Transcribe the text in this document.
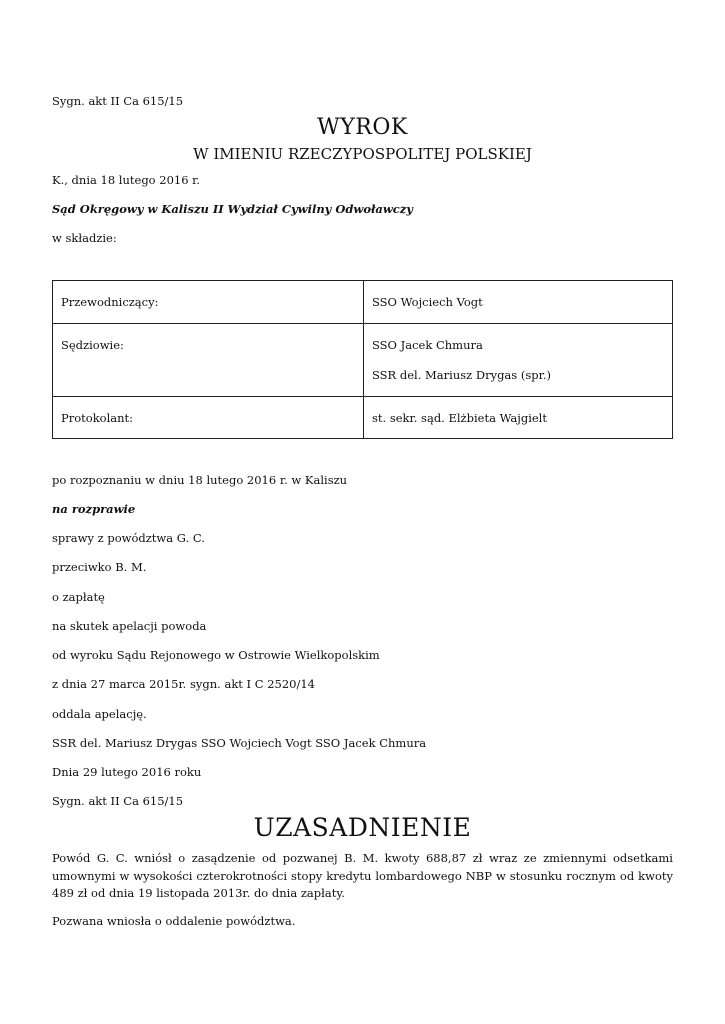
Sygn. akt II Ca 615/15
WYROK
W IMIENIU RZECZYPOSPOLITEJ POLSKIEJ
K., dnia 18 lutego 2016 r.
Sąd Okręgowy w Kaliszu II Wydział Cywilny Odwoławczy
w składzie:
Przewodniczący:	SSO Wojciech Vogt

Sędziowie:	SSO Jacek Chmura
SSR del. Mariusz Drygas (spr.)

Protokolant:	st. sekr. sąd. Elżbieta Wajgielt
po rozpoznaniu w dniu 18 lutego 2016 r. w Kaliszu
na rozprawie
sprawy z powództwa G. C.
przeciwko B. M.
o zapłatę
na skutek apelacji powoda
od wyroku Sądu Rejonowego w Ostrowie Wielkopolskim
z dnia 27 marca 2015r. sygn. akt I C 2520/14
oddala apelację.
SSR del. Mariusz Drygas SSO Wojciech Vogt SSO Jacek Chmura
Dnia 29 lutego 2016 roku
Sygn. akt II Ca 615/15
UZASADNIENIE
Powód G. C. wniósł o zasądzenie od pozwanej B. M. kwoty 688,87 zł wraz ze zmiennymi odsetkami umownymi w wysokości czterokrotności stopy kredytu lombardowego NBP w stosunku rocznym od kwoty 489 zł od dnia 19 listopada 2013r. do dnia zapłaty.
Pozwana wniosła o oddalenie powództwa.
